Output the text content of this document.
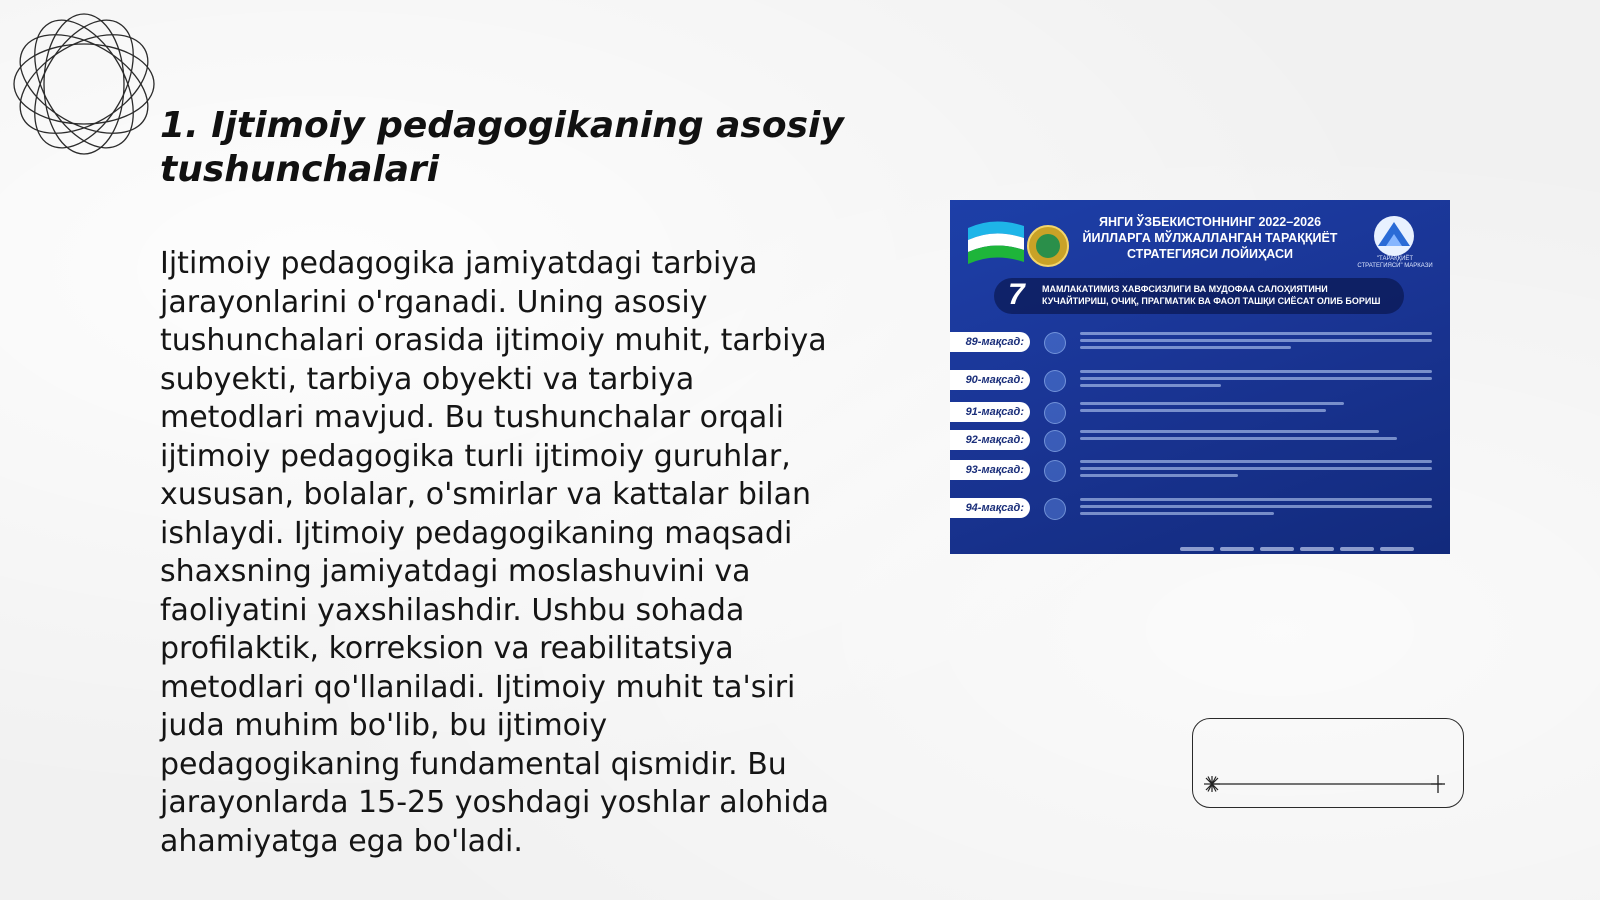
1. Ijtimoiy pedagogikaning asosiy tushunchalari

Ijtimoiy pedagogika jamiyatdagi tarbiya jarayonlarini o'rganadi. Uning asosiy tushunchalari orasida ijtimoiy muhit, tarbiya subyekti, tarbiya obyekti va tarbiya metodlari mavjud. Bu tushunchalar orqali ijtimoiy pedagogika turli ijtimoiy guruhlar, xususan, bolalar, o'smirlar va kattalar bilan ishlaydi. Ijtimoiy pedagogikaning maqsadi shaxsning jamiyatdagi moslashuvini va faoliyatini yaxshilashdir. Ushbu sohada profilaktik, korreksion va reabilitatsiya metodlari qo'llaniladi. Ijtimoiy muhit ta'siri juda muhim bo'lib, bu ijtimoiy pedagogikaning fundamental qismidir. Bu jarayonlarda 15-25 yoshdagi yoshlar alohida ahamiyatga ega bo'ladi.

ЯНГИ ЎЗБЕКИСТОННИНГ 2022–2026 ЙИЛЛАРГА МЎЛЖАЛЛАНГАН ТАРАҚҚИЁТ СТРАТЕГИЯСИ ЛОЙИҲАСИ	"ТАРАҚҚИЁТ СТРАТЕГИЯСИ" МАРКАЗИ
7 МАМЛАКАТИМИЗ ХАВФСИЗЛИГИ ВА МУДОФАА САЛОҲИЯТИНИ КУЧАЙТИРИШ, ОЧИҚ, ПРАГМАТИК ВА ФАОЛ ТАШҚИ СИЁСАТ ОЛИБ БОРИШ
89-мақсад:
90-мақсад:
91-мақсад:
92-мақсад:
93-мақсад:
94-мақсад:
